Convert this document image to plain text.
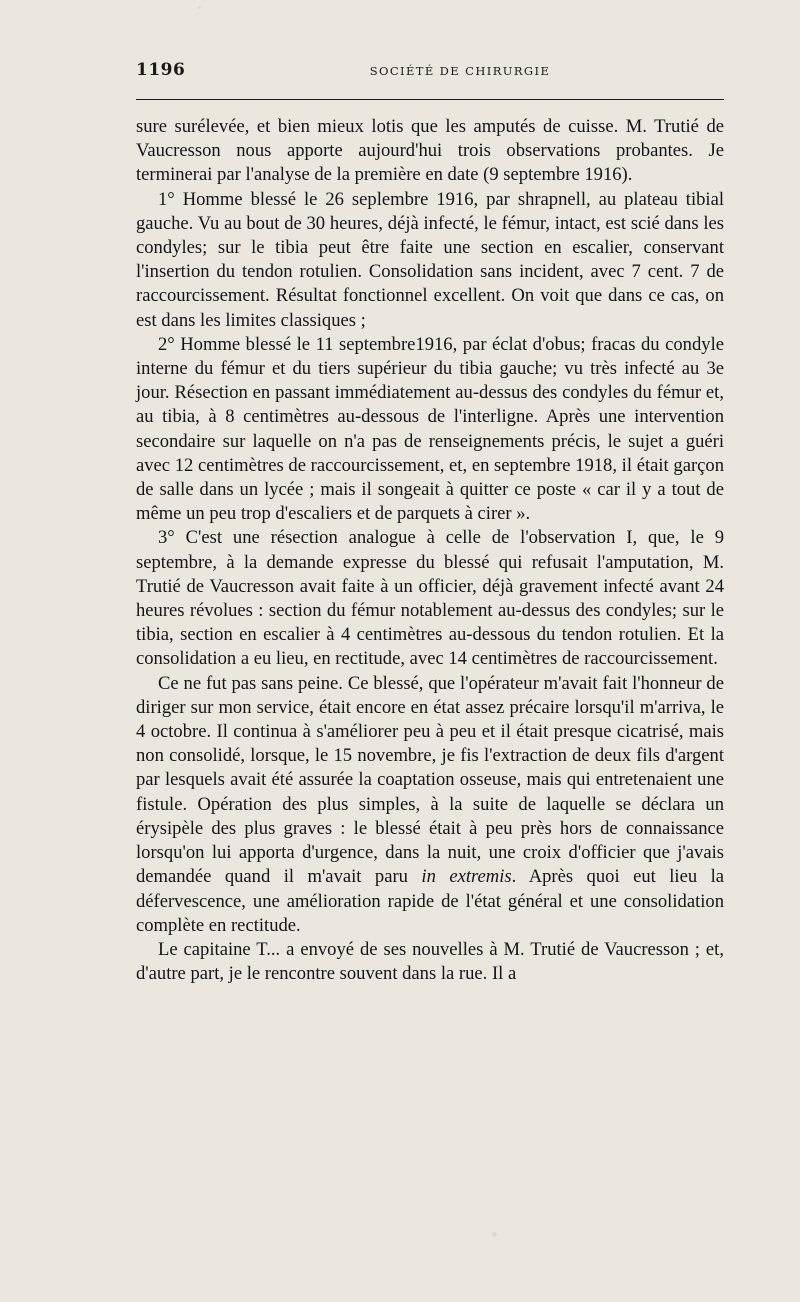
1196	SOCIÉTÉ DE CHIRURGIE

sure surélevée, et bien mieux lotis que les amputés de cuisse. M. Trutié de Vaucresson nous apporte aujourd'hui trois observations probantes. Je terminerai par l'analyse de la première en date (9 septembre 1916).

1° Homme blessé le 26 seplembre 1916, par shrapnell, au plateau tibial gauche. Vu au bout de 30 heures, déjà infecté, le fémur, intact, est scié dans les condyles; sur le tibia peut être faite une section en escalier, conservant l'insertion du tendon rotulien. Consolidation sans incident, avec 7 cent. 7 de raccourcissement. Résultat fonctionnel excellent. On voit que dans ce cas, on est dans les limites classiques ;

2° Homme blessé le 11 septembre1916, par éclat d'obus; fracas du condyle interne du fémur et du tiers supérieur du tibia gauche; vu très infecté au 3e jour. Résection en passant immédiatement au-dessus des condyles du fémur et, au tibia, à 8 centimètres au-dessous de l'interligne. Après une intervention secondaire sur laquelle on n'a pas de renseignements précis, le sujet a guéri avec 12 centimètres de raccourcissement, et, en septembre 1918, il était garçon de salle dans un lycée ; mais il songeait à quitter ce poste « car il y a tout de même un peu trop d'escaliers et de parquets à cirer ».

3° C'est une résection analogue à celle de l'observation I, que, le 9 septembre, à la demande expresse du blessé qui refusait l'amputation, M. Trutié de Vaucresson avait faite à un officier, déjà gravement infecté avant 24 heures révolues : section du fémur notablement au-dessus des condyles; sur le tibia, section en escalier à 4 centimètres au-dessous du tendon rotulien. Et la consolidation a eu lieu, en rectitude, avec 14 centimètres de raccourcissement.

Ce ne fut pas sans peine. Ce blessé, que l'opérateur m'avait fait l'honneur de diriger sur mon service, était encore en état assez précaire lorsqu'il m'arriva, le 4 octobre. Il continua à s'améliorer peu à peu et il était presque cicatrisé, mais non consolidé, lorsque, le 15 novembre, je fis l'extraction de deux fils d'argent par lesquels avait été assurée la coaptation osseuse, mais qui entretenaient une fistule. Opération des plus simples, à la suite de laquelle se déclara un érysipèle des plus graves : le blessé était à peu près hors de connaissance lorsqu'on lui apporta d'urgence, dans la nuit, une croix d'officier que j'avais demandée quand il m'avait paru in extremis. Après quoi eut lieu la défervescence, une amélioration rapide de l'état général et une consolidation complète en rectitude.

Le capitaine T... a envoyé de ses nouvelles à M. Trutié de Vaucresson ; et, d'autre part, je le rencontre souvent dans la rue. Il a
